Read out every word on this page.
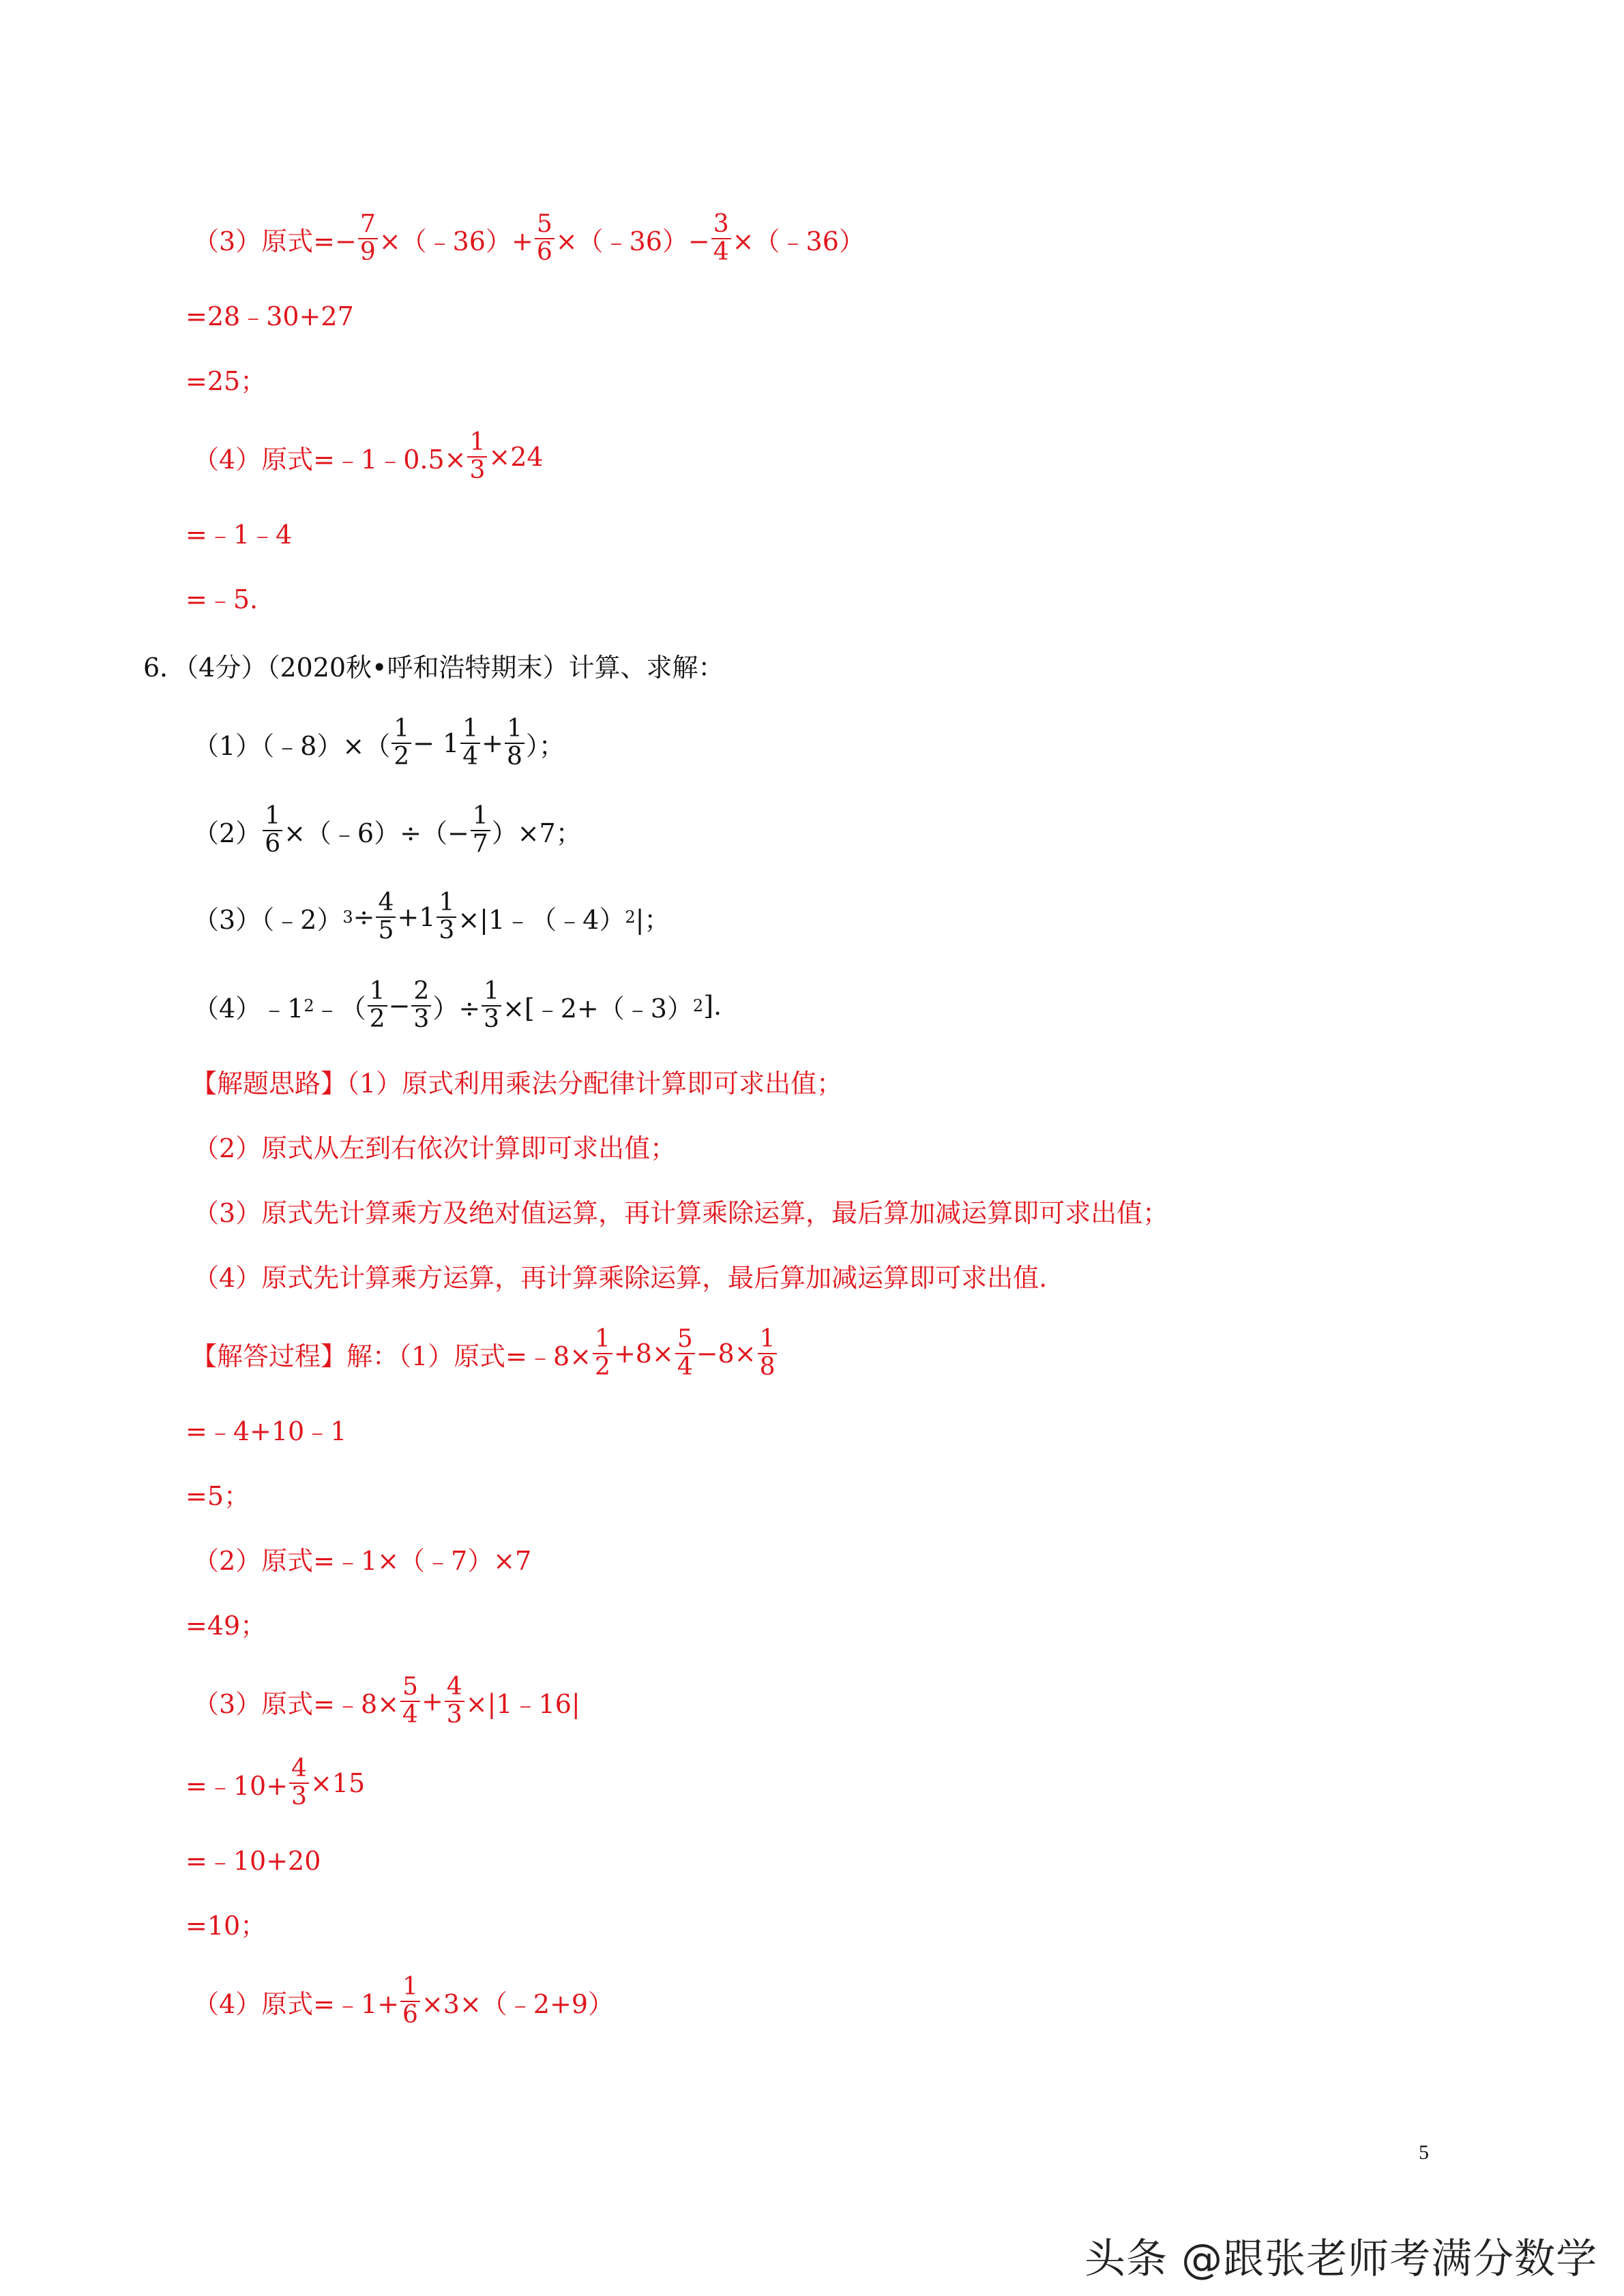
（3）原式=− $\frac{7}{9}$ ×（﹣36）+ $\frac{5}{6}$ ×（﹣36）− $\frac{3}{4}$ ×（﹣36）
=28﹣30+27
=25；
（4）原式=﹣1﹣0.5× $\frac{1}{3} \times 24$
=﹣1﹣4
=﹣5.
6．（4分）（2020秋•呼和浩特期末）计算、求解：
（1）（﹣8）×（ $\frac{1}{2} - 1 \frac{1}{4} + \frac{1}{8}$ ）；
$(2) \frac{1}{6}$ ×（﹣6）÷（− $\frac{1}{7} )\times 7$；
（3）（﹣2） $3 \div \frac{4}{5} +1 \frac{1}{3}$ ×|1﹣（﹣4） 2 |；
（4）﹣1 2 ﹣（ $\frac{1}{2} - \frac{2}{3}$ ）÷ $\frac{1}{3}$ ×[﹣2+（﹣3） 2 ].
【解题思路】（1）原式利用乘法分配律计算即可求出值；
（2）原式从左到右依次计算即可求出值；
（3）原式先计算乘方及绝对值运算，再计算乘除运算，最后算加减运算即可求出值；
（4）原式先计算乘方运算，再计算乘除运算，最后算加减运算即可求出值.
【解答过程】解：（1）原式=﹣8× $\frac{1}{2} +8\times \frac{5}{4} -8\times \frac{1}{8}$
=﹣4+10﹣1
=5；
（2）原式=﹣1×（﹣7）×7
=49；
（3）原式=﹣8× $\frac{5}{4} + \frac{4}{3}$ ×|1﹣16|
=﹣10+ $\frac{4}{3} \times 15$
=﹣10+20
=10；
（4）原式=﹣1+ $\frac{1}{6}$ ×3×（﹣2+9）
5
头条 @跟张老师考满分数学
